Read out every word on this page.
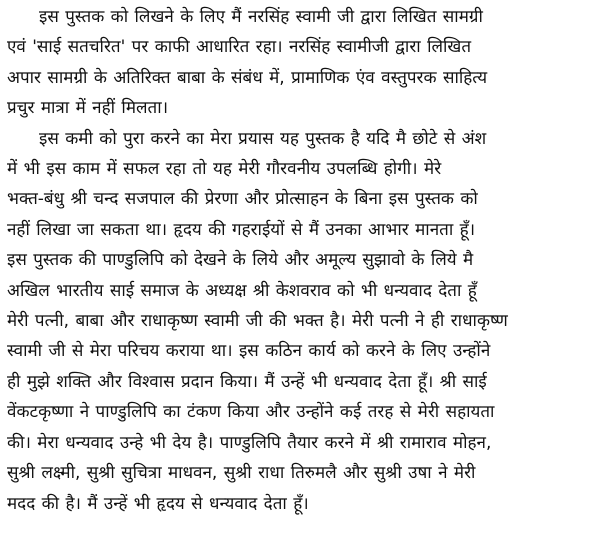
इस पुस्तक को लिखने के लिए मैं नरसिंह स्वामी जी द्वारा लिखित सामग्री
एवं 'साई सतचरित' पर काफी आधारित रहा। नरसिंह स्वामीजी द्वारा लिखित
अपार सामग्री के अतिरिक्त बाबा के संबंध में, प्रामाणिक एंव वस्तुपरक साहित्य
प्रचुर मात्रा में नहीं मिलता।
इस कमी को पुरा करने का मेरा प्रयास यह पुस्तक है यदि मै छोटे से अंश
में भी इस काम में सफल रहा तो यह मेरी गौरवनीय उपलब्धि होगी। मेरे
भक्त-बंधु श्री चन्द सजपाल की प्रेरणा और प्रोत्साहन के बिना इस पुस्तक को
नहीं लिखा जा सकता था। हृदय की गहराईयों से मैं उनका आभार मानता हूँ।
इस पुस्तक की पाण्डुलिपि को देखने के लिये और अमूल्य सुझावो के लिये मै
अखिल भारतीय साई समाज के अध्यक्ष श्री केशवराव को भी धन्यवाद देता हूँ
मेरी पत्नी, बाबा और राधाकृष्ण स्वामी जी की भक्त है। मेरी पत्नी ने ही राधाकृष्ण
स्वामी जी से मेरा परिचय कराया था। इस कठिन कार्य को करने के लिए उन्होंने
ही मुझे शक्ति और विश्वास प्रदान किया। मैं उन्हें भी धन्यवाद देता हूँ। श्री साई
वेंकटकृष्णा ने पाण्डुलिपि का टंकण किया और उन्होंने कई तरह से मेरी सहायता
की। मेरा धन्यवाद उन्हे भी देय है। पाण्डुलिपि तैयार करने में श्री रामाराव मोहन,
सुश्री लक्ष्मी, सुश्री सुचित्रा माधवन, सुश्री राधा तिरुमलै और सुश्री उषा ने मेरी
मदद की है। मैं उन्हें भी हृदय से धन्यवाद देता हूँ।
